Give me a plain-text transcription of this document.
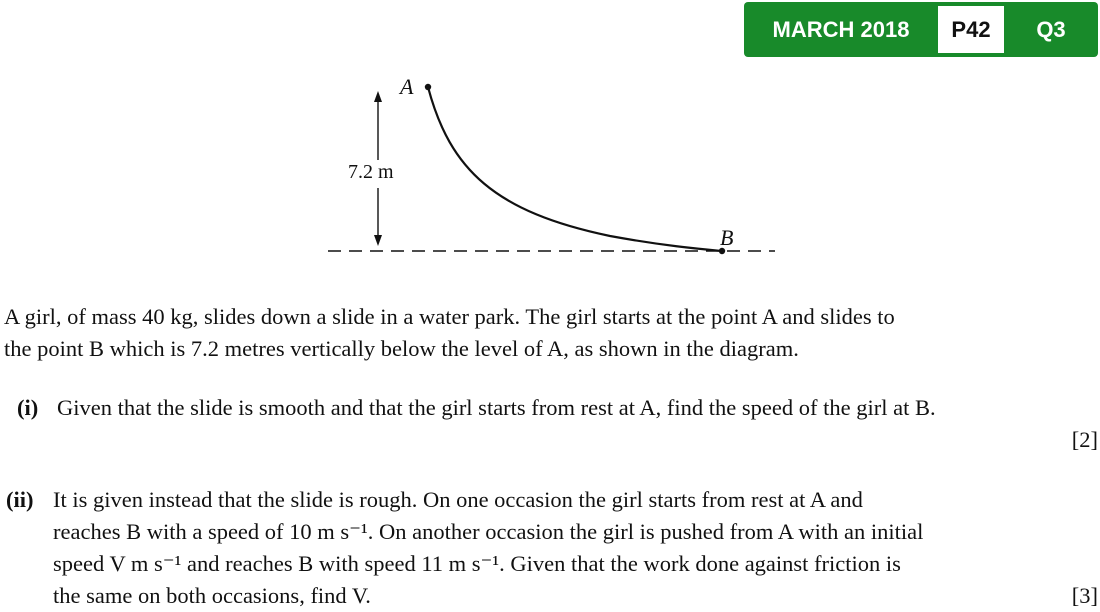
MARCH 2018	P42	Q3
7.2 m
A
B
A girl, of mass 40 kg, slides down a slide in a water park. The girl starts at the point A and slides to
the point B which is 7.2 metres vertically below the level of A, as shown in the diagram.
(i) Given that the slide is smooth and that the girl starts from rest at A, find the speed of the girl at B.
[2]
(ii) It is given instead that the slide is rough. On one occasion the girl starts from rest at A and
reaches B with a speed of 10 m s⁻¹. On another occasion the girl is pushed from A with an initial
speed V m s⁻¹ and reaches B with speed 11 m s⁻¹. Given that the work done against friction is
the same on both occasions, find V.	[3]
